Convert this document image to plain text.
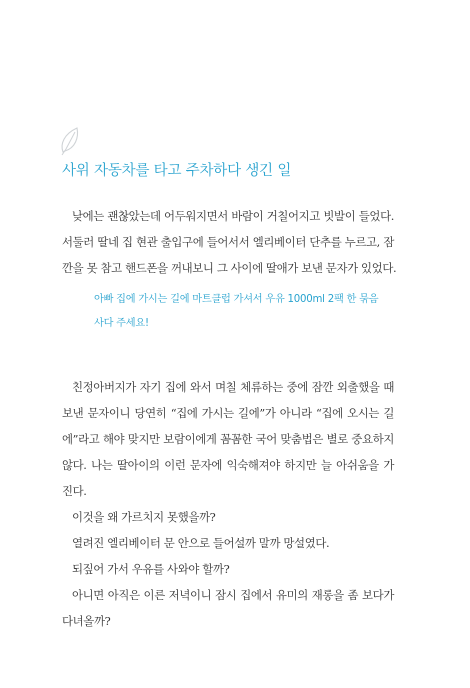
사위 자동차를 타고 주차하다 생긴 일
낮에는 괜찮았는데 어두워지면서 바람이 거칠어지고 빗발이 들었다.
서둘러 딸네 집 현관 출입구에 들어서서 엘리베이터 단추를 누르고, 잠
깐을 못 참고 핸드폰을 꺼내보니 그 사이에 딸애가 보낸 문자가 있었다.
아빠 집에 가시는 길에 마트클럽 가셔서 우유 1000ml 2팩 한 묶음
사다 주세요!
친정아버지가 자기 집에 와서 며칠 체류하는 중에 잠깐 외출했을 때
보낸 문자이니 당연히 “집에 가시는 길에”가 아니라 “집에 오시는 길
에”라고 해야 맞지만 보람이에게 꼼꼼한 국어 맞춤법은 별로 중요하지
않다. 나는 딸아이의 이런 문자에 익숙해져야 하지만 늘 아쉬움을 가
진다.
이것을 왜 가르치지 못했을까?
열려진 엘리베이터 문 안으로 들어설까 말까 망설였다.
되짚어 가서 우유를 사와야 할까?
아니면 아직은 이른 저녁이니 잠시 집에서 유미의 재롱을 좀 보다가
다녀올까?
